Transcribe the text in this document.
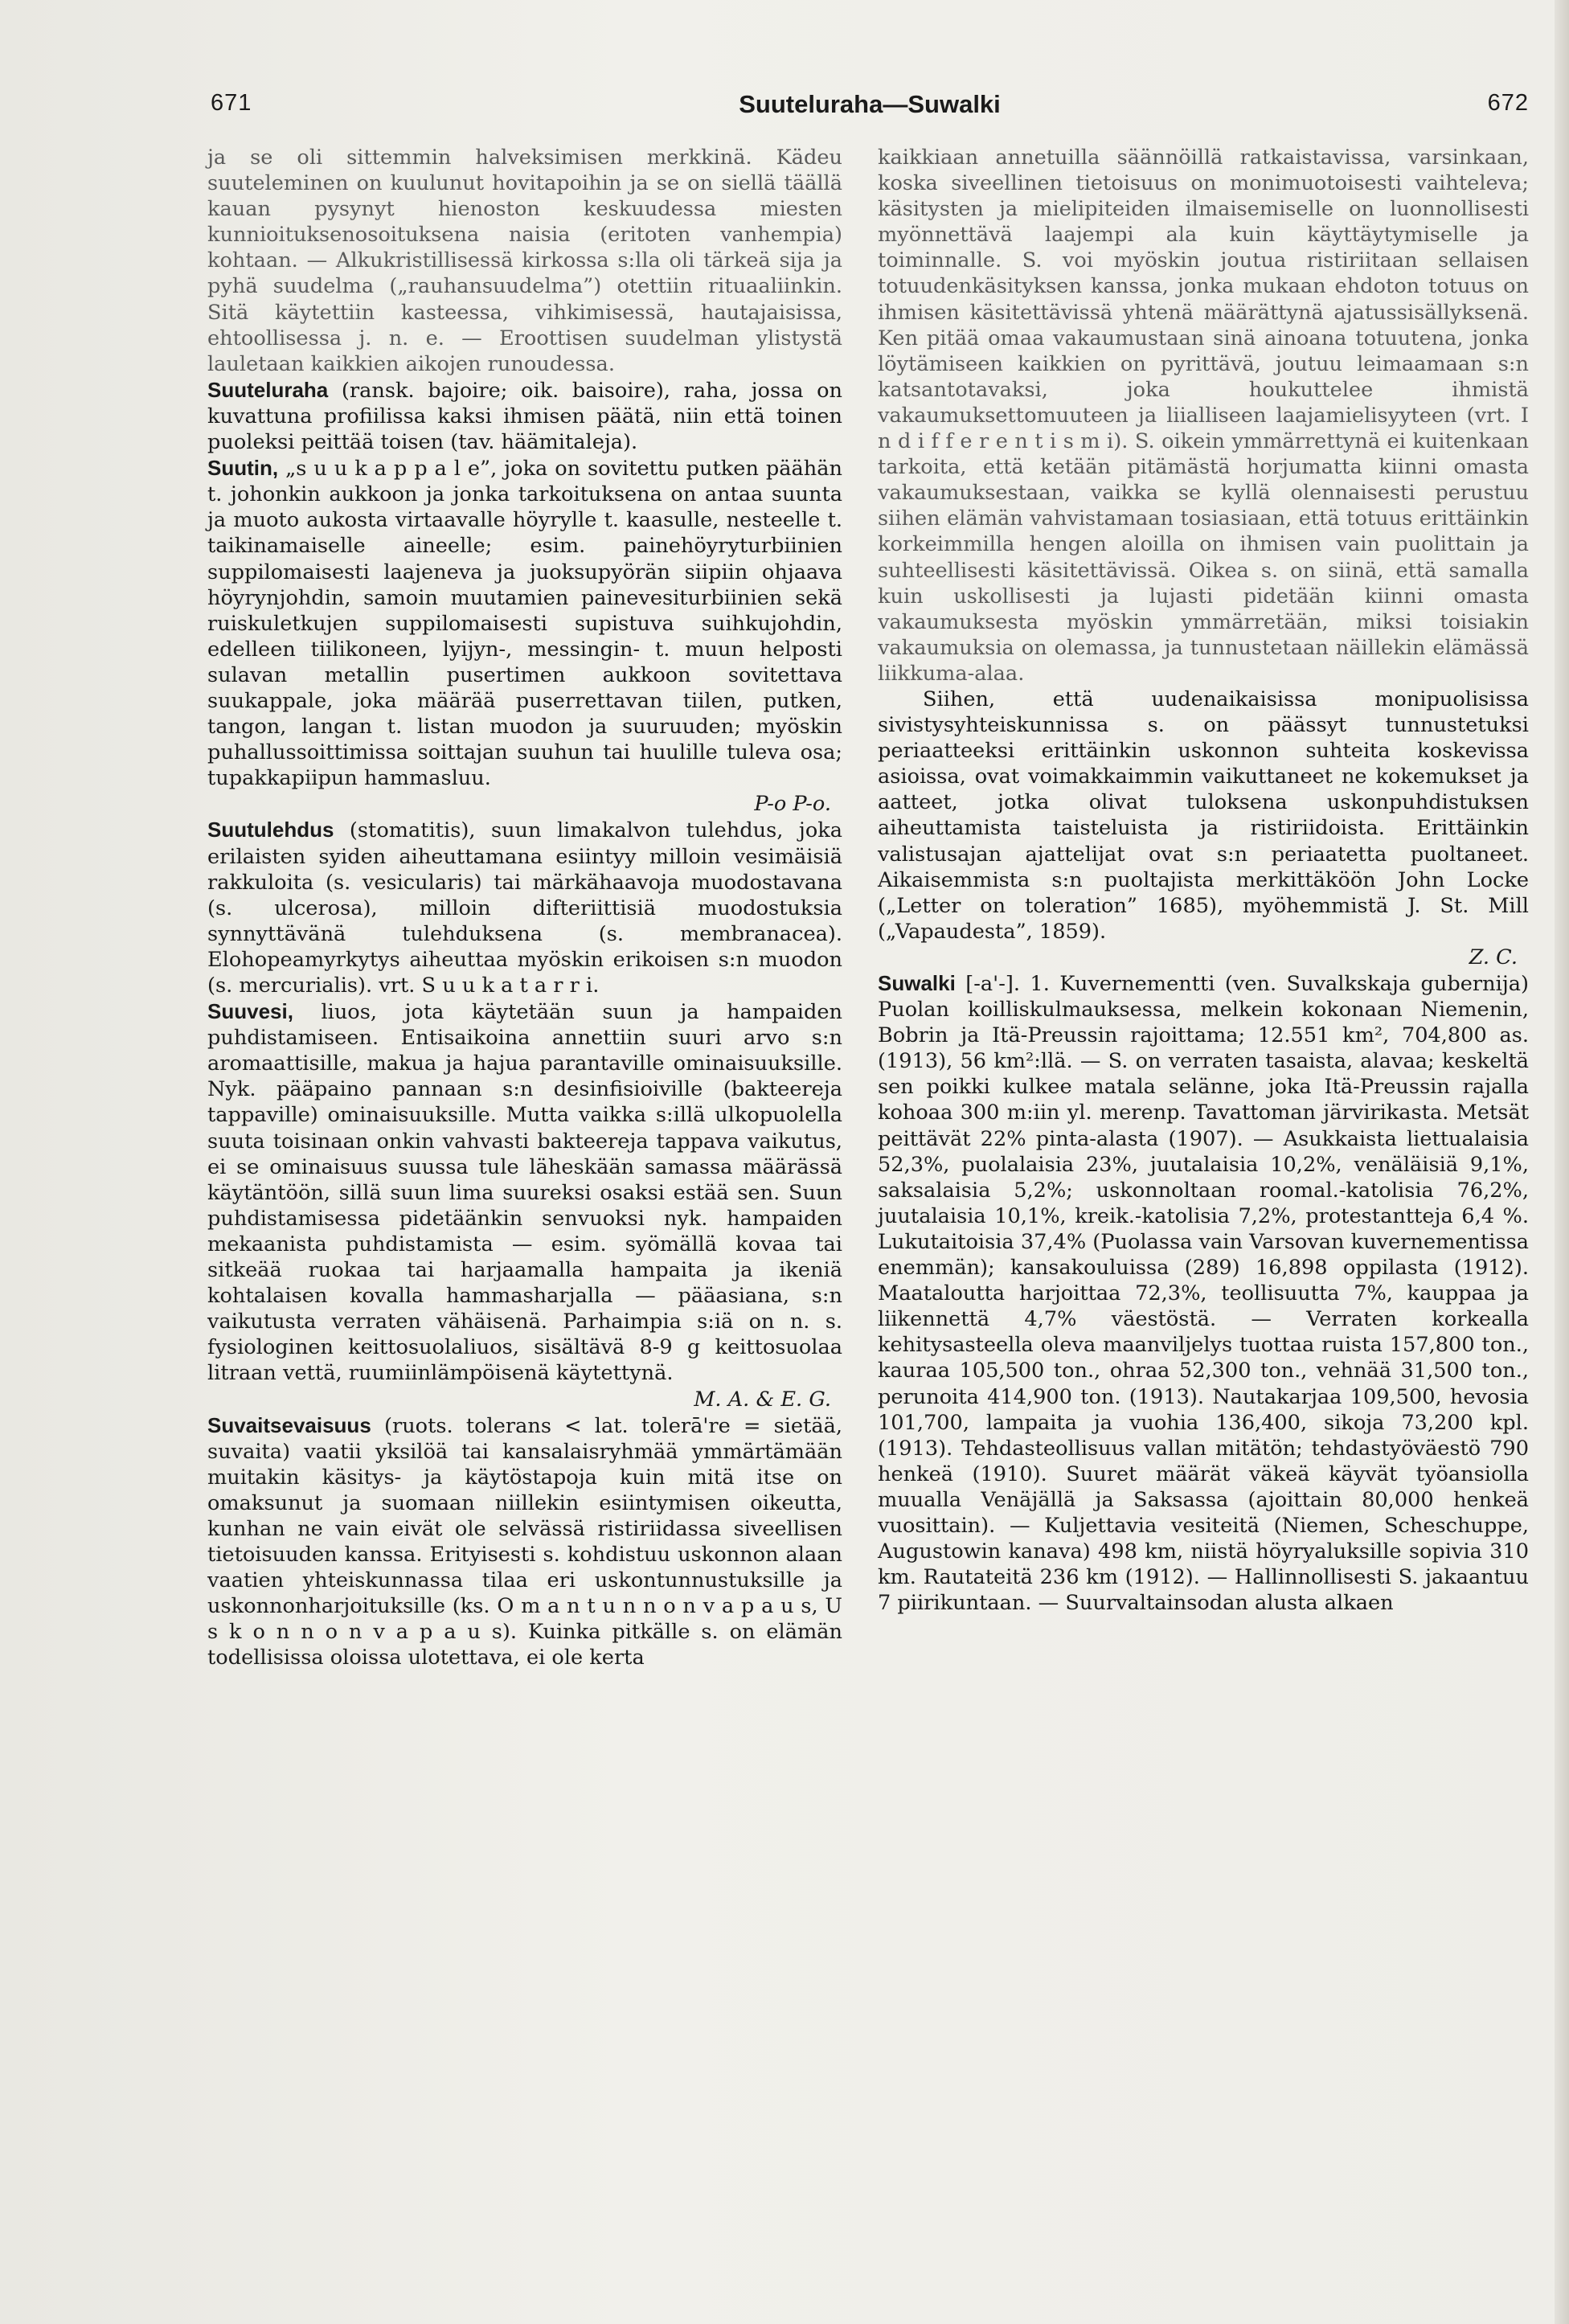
671	Suuteluraha—Suwalki	672

ja se oli sittemmin halveksimisen merkkinä. Kädeu suuteleminen on kuulunut hovitapoihin ja se on siellä täällä kauan pysynyt hienoston keskuudessa miesten kunnioituksenosoituksena naisia (eritoten vanhempia) kohtaan. — Alkukristillisessä kirkossa s:lla oli tärkeä sija ja pyhä suudelma („rauhansuudelma”) otettiin rituaaliinkin. Sitä käytettiin kasteessa, vihkimisessä, hautajaisissa, ehtoollisessa j. n. e. — Eroottisen suudelman ylistystä lauletaan kaikkien aikojen runoudessa.

Suuteluraha (ransk. bajoire; oik. baisoire), raha, jossa on kuvattuna profiilissa kaksi ihmisen päätä, niin että toinen puoleksi peittää toisen (tav. häämitaleja).

Suutin, „s u u k a p p a l e”, joka on sovitettu putken päähän t. johonkin aukkoon ja jonka tarkoituksena on antaa suunta ja muoto aukosta virtaavalle höyrylle t. kaasulle, nesteelle t. taikinamaiselle aineelle; esim. painehöyryturbiinien suppilomaisesti laajeneva ja juoksupyörän siipiin ohjaava höyrynjohdin, samoin muutamien painevesiturbiinien sekä ruiskuletkujen suppilomaisesti supistuva suihkujohdin, edelleen tiilikoneen, lyijyn-, messingin- t. muun helposti sulavan metallin pusertimen aukkoon sovitettava suukappale, joka määrää puserrettavan tiilen, putken, tangon, langan t. listan muodon ja suuruuden; myöskin puhallussoittimissa soittajan suuhun tai huulille tuleva osa; tupakkapiipun hammasluu.

P-o P-o.

Suutulehdus (stomatitis), suun limakalvon tulehdus, joka erilaisten syiden aiheuttamana esiintyy milloin vesimäisiä rakkuloita (s. vesicularis) tai märkähaavoja muodostavana (s. ulcerosa), milloin difteriittisiä muodostuksia synnyttävänä tulehduksena (s. membranacea). Elohopeamyrkytys aiheuttaa myöskin erikoisen s:n muodon (s. mercurialis). vrt. S u u k a t a r r i.

Suuvesi, liuos, jota käytetään suun ja hampaiden puhdistamiseen. Entisaikoina annettiin suuri arvo s:n aromaattisille, makua ja hajua parantaville ominaisuuksille. Nyk. pääpaino pannaan s:n desinfisioiville (bakteereja tappaville) ominaisuuksille. Mutta vaikka s:illä ulkopuolella suuta toisinaan onkin vahvasti bakteereja tappava vaikutus, ei se ominaisuus suussa tule läheskään samassa määrässä käytäntöön, sillä suun lima suureksi osaksi estää sen. Suun puhdistamisessa pidetäänkin senvuoksi nyk. hampaiden mekaanista puhdistamista — esim. syömällä kovaa tai sitkeää ruokaa tai harjaamalla hampaita ja ikeniä kohtalaisen kovalla hammasharjalla — pääasiana, s:n vaikutusta verraten vähäisenä. Parhaimpia s:iä on n. s. fysiologinen keittosuolaliuos, sisältävä 8-9 g keittosuolaa litraan vettä, ruumiinlämpöisenä käytettynä.

M. A. & E. G.

Suvaitsevaisuus (ruots. tolerans < lat. tolerā're = sietää, suvaita) vaatii yksilöä tai kansalaisryhmää ymmärtämään muitakin käsitys- ja käytöstapoja kuin mitä itse on omaksunut ja suomaan niillekin esiintymisen oikeutta, kunhan ne vain eivät ole selvässä ristiriidassa siveellisen tietoisuuden kanssa. Erityisesti s. kohdistuu uskonnon alaan vaatien yhteiskunnassa tilaa eri uskontunnustuksille ja uskonnonharjoituksille (ks. O m a n t u n n o n v a p a u s, U s k o n n o n v a p a u s). Kuinka pitkälle s. on elämän todellisissa oloissa ulotettava, ei ole kerta

kaikkiaan annetuilla säännöillä ratkaistavissa, varsinkaan, koska siveellinen tietoisuus on monimuotoisesti vaihteleva; käsitysten ja mielipiteiden ilmaisemiselle on luonnollisesti myönnettävä laajempi ala kuin käyttäytymiselle ja toiminnalle. S. voi myöskin joutua ristiriitaan sellaisen totuudenkäsityksen kanssa, jonka mukaan ehdoton totuus on ihmisen käsitettävissä yhtenä määrättynä ajatussisällyksenä. Ken pitää omaa vakaumustaan sinä ainoana totuutena, jonka löytämiseen kaikkien on pyrittävä, joutuu leimaamaan s:n katsantotavaksi, joka houkuttelee ihmistä vakaumuksettomuuteen ja liialliseen laajamielisyyteen (vrt. I n d i f f e r e n t i s m i). S. oikein ymmärrettynä ei kuitenkaan tarkoita, että ketään pitämästä horjumatta kiinni omasta vakaumuksestaan, vaikka se kyllä olennaisesti perustuu siihen elämän vahvistamaan tosiasiaan, että totuus erittäinkin korkeimmilla hengen aloilla on ihmisen vain puolittain ja suhteellisesti käsitettävissä. Oikea s. on siinä, että samalla kuin uskollisesti ja lujasti pidetään kiinni omasta vakaumuksesta myöskin ymmärretään, miksi toisiakin vakaumuksia on olemassa, ja tunnustetaan näillekin elämässä liikkuma-alaa.

Siihen, että uudenaikaisissa monipuolisissa sivistysyhteiskunnissa s. on päässyt tunnustetuksi periaatteeksi erittäinkin uskonnon suhteita koskevissa asioissa, ovat voimakkaimmin vaikuttaneet ne kokemukset ja aatteet, jotka olivat tuloksena uskonpuhdistuksen aiheuttamista taisteluista ja ristiriidoista. Erittäinkin valistusajan ajattelijat ovat s:n periaatetta puoltaneet. Aikaisemmista s:n puoltajista merkittäköön John Locke („Letter on toleration” 1685), myöhemmistä J. St. Mill („Vapaudesta”, 1859).

Z. C.

Suwalki [-a'-]. 1. Kuvernementti (ven. Suvalkskaja gubernija) Puolan koilliskulmauksessa, melkein kokonaan Niemenin, Bobrin ja Itä-Preussin rajoittama; 12.551 km², 704,800 as. (1913), 56 km²:llä. — S. on verraten tasaista, alavaa; keskeltä sen poikki kulkee matala selänne, joka Itä-Preussin rajalla kohoaa 300 m:iin yl. merenp. Tavattoman järvirikasta. Metsät peittävät 22% pinta-alasta (1907). — Asukkaista liettualaisia 52,3%, puolalaisia 23%, juutalaisia 10,2%, venäläisiä 9,1%, saksalaisia 5,2%; uskonnoltaan roomal.-katolisia 76,2%, juutalaisia 10,1%, kreik.-katolisia 7,2%, protestantteja 6,4 %. Lukutaitoisia 37,4% (Puolassa vain Varsovan kuvernementissa enemmän); kansakouluissa (289) 16,898 oppilasta (1912). Maataloutta harjoittaa 72,3%, teollisuutta 7%, kauppaa ja liikennettä 4,7% väestöstä. — Verraten korkealla kehitysasteella oleva maanviljelys tuottaa ruista 157,800 ton., kauraa 105,500 ton., ohraa 52,300 ton., vehnää 31,500 ton., perunoita 414,900 ton. (1913). Nautakarjaa 109,500, hevosia 101,700, lampaita ja vuohia 136,400, sikoja 73,200 kpl. (1913). Tehdasteollisuus vallan mitätön; tehdastyöväestö 790 henkeä (1910). Suuret määrät väkeä käyvät työansiolla muualla Venäjällä ja Saksassa (ajoittain 80,000 henkeä vuosittain). — Kuljettavia vesiteitä (Niemen, Scheschuppe, Augustowin kanava) 498 km, niistä höyryaluksille sopivia 310 km. Rautateitä 236 km (1912). — Hallinnollisesti S. jakaantuu 7 piirikuntaan. — Suurvaltainsodan alusta alkaen
